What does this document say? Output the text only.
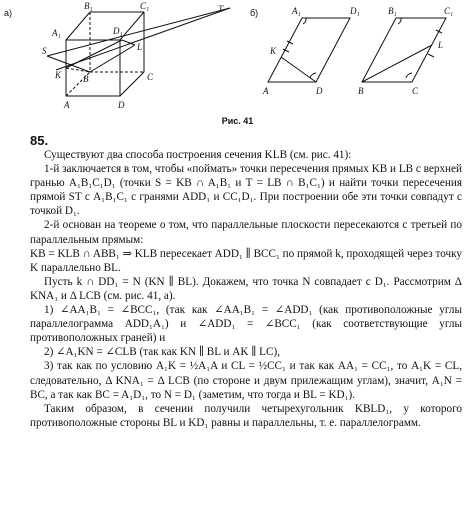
а)
B₁	C₁
A₁	D₁
T
S
K
L
B	C
A	D
б)	A₁	D₁
K
A	D
B₁	C₁
L
B	C
Рис. 41
85.

Существуют два способа построения сечения KLB (см. рис. 41):

1-й заключается в том, чтобы «поймать» точки пересечения прямых KB и LB с верхней гранью A₁B₁C₁D₁ (точки S = KB ∩ A₁B₁ и T = LB ∩ B₁C₁) и найти точки пересечения прямой ST с A₁B₁C₁ с гранями ADD₁ и CC₁D₁. При построении обе эти точки совпадут с точкой D₁.

2-й основан на теореме о том, что параллельные плоскости пересекаются с третьей по параллельным прямым:

KB = KLB ∩ ABB₁ ⇒ KLB пересекает ADD₁ ∥ BCC₁ по прямой k, проходящей через точку K параллельно BL.

Пусть k ∩ DD₁ = N (KN ∥ BL). Докажем, что точка N совпадает с D₁. Рассмотрим Δ KNA₁ и Δ LCB (см. рис. 41, а).

1) ∠AA₁B₁ = ∠BCC₁, (так как ∠AA₁B₁ = ∠ADD₁ (как противоположные углы параллелограмма ADD₁A₁) и ∠ADD₁ = ∠BCC₁ (как соответствующие углы противоположных граней) и

2) ∠A₁KN = ∠CLB (так как KN ∥ BL и AK ∥ LC),

3) так как по условию A₁K = ½A₁A и CL = ½CC₁ и так как AA₁ = CC₁, то A₁K = CL, следовательно, Δ KNA₁ = Δ LCB (по стороне и двум прилежащим углам), значит, A₁N = BC, а так как BC = A₁D₁, то N = D₁ (заметим, что тогда и BL = KD₁).

Таким образом, в сечении получили четырехугольник KBLD₁, у которого противоположные стороны BL и KD₁ равны и параллельны, т. е. параллелограмм.
